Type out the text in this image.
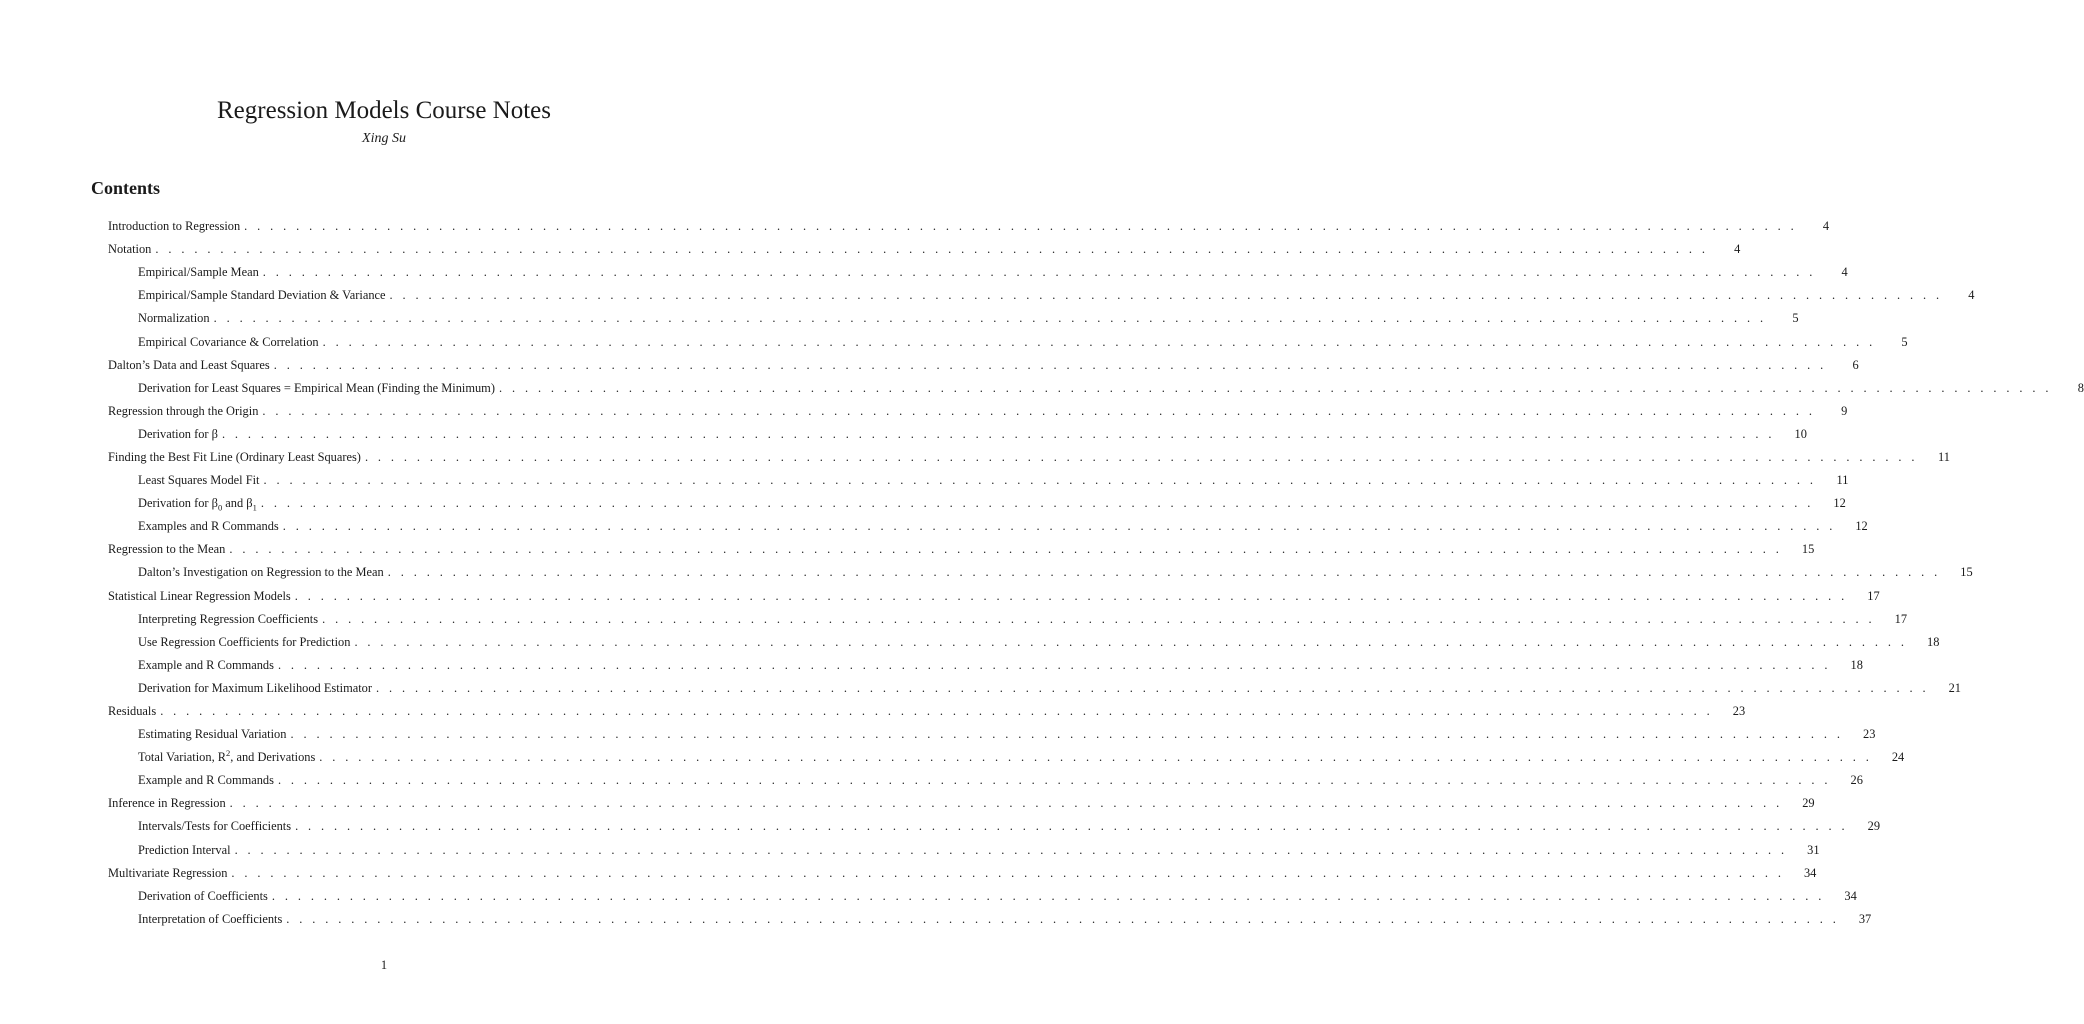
Regression Models Course Notes
Xing Su
Contents
Introduction to Regression . . . . . . . . . . . . . . . . . . . . . . . . . . . . . . . . . . . . . . . . . . . . . . . . . . . . . . . . . . . . . . . . . . . . . . . . . . . . . . . . . . . . . . . . . . . . . . . . . . . . . . . . . . . . . . . . . . . . . . . .	4
Notation . . . . . . . . . . . . . . . . . . . . . . . . . . . . . . . . . . . . . . . . . . . . . . . . . . . . . . . . . . . . . . . . . . . . . . . . . . . . . . . . . . . . . . . . . . . . . . . . . . . . . . . . . . . . . . . . . . . . . . . .	4
Empirical/Sample Mean . . . . . . . . . . . . . . . . . . . . . . . . . . . . . . . . . . . . . . . . . . . . . . . . . . . . . . . . . . . . . . . . . . . . . . . . . . . . . . . . . . . . . . . . . . . . . . . . . . . . . . . . . . . . . . . . . . . . . . . .	4
Empirical/Sample Standard Deviation & Variance . . . . . . . . . . . . . . . . . . . . . . . . . . . . . . . . . . . . . . . . . . . . . . . . . . . . . . . . . . . . . . . . . . . . . . . . . . . . . . . . . . . . . . . . . . . . . . . . . . . . . . . . . . . . . . . . . . . . . . . .	4
Normalization . . . . . . . . . . . . . . . . . . . . . . . . . . . . . . . . . . . . . . . . . . . . . . . . . . . . . . . . . . . . . . . . . . . . . . . . . . . . . . . . . . . . . . . . . . . . . . . . . . . . . . . . . . . . . . . . . . . . . . . .	5
Empirical Covariance & Correlation . . . . . . . . . . . . . . . . . . . . . . . . . . . . . . . . . . . . . . . . . . . . . . . . . . . . . . . . . . . . . . . . . . . . . . . . . . . . . . . . . . . . . . . . . . . . . . . . . . . . . . . . . . . . . . . . . . . . . . . .	5
Dalton’s Data and Least Squares . . . . . . . . . . . . . . . . . . . . . . . . . . . . . . . . . . . . . . . . . . . . . . . . . . . . . . . . . . . . . . . . . . . . . . . . . . . . . . . . . . . . . . . . . . . . . . . . . . . . . . . . . . . . . . . . . . . . . . . .	6
Derivation for Least Squares = Empirical Mean (Finding the Minimum) . . . . . . . . . . . . . . . . . . . . . . . . . . . . . . . . . . . . . . . . . . . . . . . . . . . . . . . . . . . . . . . . . . . . . . . . . . . . . . . . . . . . . . . . . . . . . . . . . . . . . . . . . . . . . . . . . . . . . . . .	8
Regression through the Origin . . . . . . . . . . . . . . . . . . . . . . . . . . . . . . . . . . . . . . . . . . . . . . . . . . . . . . . . . . . . . . . . . . . . . . . . . . . . . . . . . . . . . . . . . . . . . . . . . . . . . . . . . . . . . . . . . . . . . . . .	9
Derivation for β . . . . . . . . . . . . . . . . . . . . . . . . . . . . . . . . . . . . . . . . . . . . . . . . . . . . . . . . . . . . . . . . . . . . . . . . . . . . . . . . . . . . . . . . . . . . . . . . . . . . . . . . . . . . . . . . . . . . . . . .	10
Finding the Best Fit Line (Ordinary Least Squares) . . . . . . . . . . . . . . . . . . . . . . . . . . . . . . . . . . . . . . . . . . . . . . . . . . . . . . . . . . . . . . . . . . . . . . . . . . . . . . . . . . . . . . . . . . . . . . . . . . . . . . . . . . . . . . . . . . . . . . . .	11
Least Squares Model Fit . . . . . . . . . . . . . . . . . . . . . . . . . . . . . . . . . . . . . . . . . . . . . . . . . . . . . . . . . . . . . . . . . . . . . . . . . . . . . . . . . . . . . . . . . . . . . . . . . . . . . . . . . . . . . . . . . . . . . . . .	11
Derivation for $\beta_0$ and $\beta_1$ . . . . . . . . . . . . . . . . . . . . . . . . . . . . . . . . . . . . . . . . . . . . . . . . . . . . . . . . . . . . . . . . . . . . . . . . . . . . . . . . . . . . . . . . . . . . . . . . . . . . . . . . . . . . . . . . . . . . . . . .	12
Examples and R Commands . . . . . . . . . . . . . . . . . . . . . . . . . . . . . . . . . . . . . . . . . . . . . . . . . . . . . . . . . . . . . . . . . . . . . . . . . . . . . . . . . . . . . . . . . . . . . . . . . . . . . . . . . . . . . . . . . . . . . . . .	12
Regression to the Mean . . . . . . . . . . . . . . . . . . . . . . . . . . . . . . . . . . . . . . . . . . . . . . . . . . . . . . . . . . . . . . . . . . . . . . . . . . . . . . . . . . . . . . . . . . . . . . . . . . . . . . . . . . . . . . . . . . . . . . . .	15
Dalton’s Investigation on Regression to the Mean . . . . . . . . . . . . . . . . . . . . . . . . . . . . . . . . . . . . . . . . . . . . . . . . . . . . . . . . . . . . . . . . . . . . . . . . . . . . . . . . . . . . . . . . . . . . . . . . . . . . . . . . . . . . . . . . . . . . . . . .	15
Statistical Linear Regression Models . . . . . . . . . . . . . . . . . . . . . . . . . . . . . . . . . . . . . . . . . . . . . . . . . . . . . . . . . . . . . . . . . . . . . . . . . . . . . . . . . . . . . . . . . . . . . . . . . . . . . . . . . . . . . . . . . . . . . . . .	17
Interpreting Regression Coefficients . . . . . . . . . . . . . . . . . . . . . . . . . . . . . . . . . . . . . . . . . . . . . . . . . . . . . . . . . . . . . . . . . . . . . . . . . . . . . . . . . . . . . . . . . . . . . . . . . . . . . . . . . . . . . . . . . . . . . . . .	17
Use Regression Coefficients for Prediction . . . . . . . . . . . . . . . . . . . . . . . . . . . . . . . . . . . . . . . . . . . . . . . . . . . . . . . . . . . . . . . . . . . . . . . . . . . . . . . . . . . . . . . . . . . . . . . . . . . . . . . . . . . . . . . . . . . . . . . .	18
Example and R Commands . . . . . . . . . . . . . . . . . . . . . . . . . . . . . . . . . . . . . . . . . . . . . . . . . . . . . . . . . . . . . . . . . . . . . . . . . . . . . . . . . . . . . . . . . . . . . . . . . . . . . . . . . . . . . . . . . . . . . . . .	18
Derivation for Maximum Likelihood Estimator . . . . . . . . . . . . . . . . . . . . . . . . . . . . . . . . . . . . . . . . . . . . . . . . . . . . . . . . . . . . . . . . . . . . . . . . . . . . . . . . . . . . . . . . . . . . . . . . . . . . . . . . . . . . . . . . . . . . . . . .	21
Residuals . . . . . . . . . . . . . . . . . . . . . . . . . . . . . . . . . . . . . . . . . . . . . . . . . . . . . . . . . . . . . . . . . . . . . . . . . . . . . . . . . . . . . . . . . . . . . . . . . . . . . . . . . . . . . . . . . . . . . . . .	23
Estimating Residual Variation . . . . . . . . . . . . . . . . . . . . . . . . . . . . . . . . . . . . . . . . . . . . . . . . . . . . . . . . . . . . . . . . . . . . . . . . . . . . . . . . . . . . . . . . . . . . . . . . . . . . . . . . . . . . . . . . . . . . . . . .	23
Total Variation, $R^2$, and Derivations . . . . . . . . . . . . . . . . . . . . . . . . . . . . . . . . . . . . . . . . . . . . . . . . . . . . . . . . . . . . . . . . . . . . . . . . . . . . . . . . . . . . . . . . . . . . . . . . . . . . . . . . . . . . . . . . . . . . . . . .	24
Example and R Commands . . . . . . . . . . . . . . . . . . . . . . . . . . . . . . . . . . . . . . . . . . . . . . . . . . . . . . . . . . . . . . . . . . . . . . . . . . . . . . . . . . . . . . . . . . . . . . . . . . . . . . . . . . . . . . . . . . . . . . . .	26
Inference in Regression . . . . . . . . . . . . . . . . . . . . . . . . . . . . . . . . . . . . . . . . . . . . . . . . . . . . . . . . . . . . . . . . . . . . . . . . . . . . . . . . . . . . . . . . . . . . . . . . . . . . . . . . . . . . . . . . . . . . . . . .	29
Intervals/Tests for Coefficients . . . . . . . . . . . . . . . . . . . . . . . . . . . . . . . . . . . . . . . . . . . . . . . . . . . . . . . . . . . . . . . . . . . . . . . . . . . . . . . . . . . . . . . . . . . . . . . . . . . . . . . . . . . . . . . . . . . . . . . .	29
Prediction Interval . . . . . . . . . . . . . . . . . . . . . . . . . . . . . . . . . . . . . . . . . . . . . . . . . . . . . . . . . . . . . . . . . . . . . . . . . . . . . . . . . . . . . . . . . . . . . . . . . . . . . . . . . . . . . . . . . . . . . . . .	31
Multivariate Regression . . . . . . . . . . . . . . . . . . . . . . . . . . . . . . . . . . . . . . . . . . . . . . . . . . . . . . . . . . . . . . . . . . . . . . . . . . . . . . . . . . . . . . . . . . . . . . . . . . . . . . . . . . . . . . . . . . . . . . . .	34
Derivation of Coefficients . . . . . . . . . . . . . . . . . . . . . . . . . . . . . . . . . . . . . . . . . . . . . . . . . . . . . . . . . . . . . . . . . . . . . . . . . . . . . . . . . . . . . . . . . . . . . . . . . . . . . . . . . . . . . . . . . . . . . . . .	34
Interpretation of Coefficients . . . . . . . . . . . . . . . . . . . . . . . . . . . . . . . . . . . . . . . . . . . . . . . . . . . . . . . . . . . . . . . . . . . . . . . . . . . . . . . . . . . . . . . . . . . . . . . . . . . . . . . . . . . . . . . . . . . . . . . .	37
1
